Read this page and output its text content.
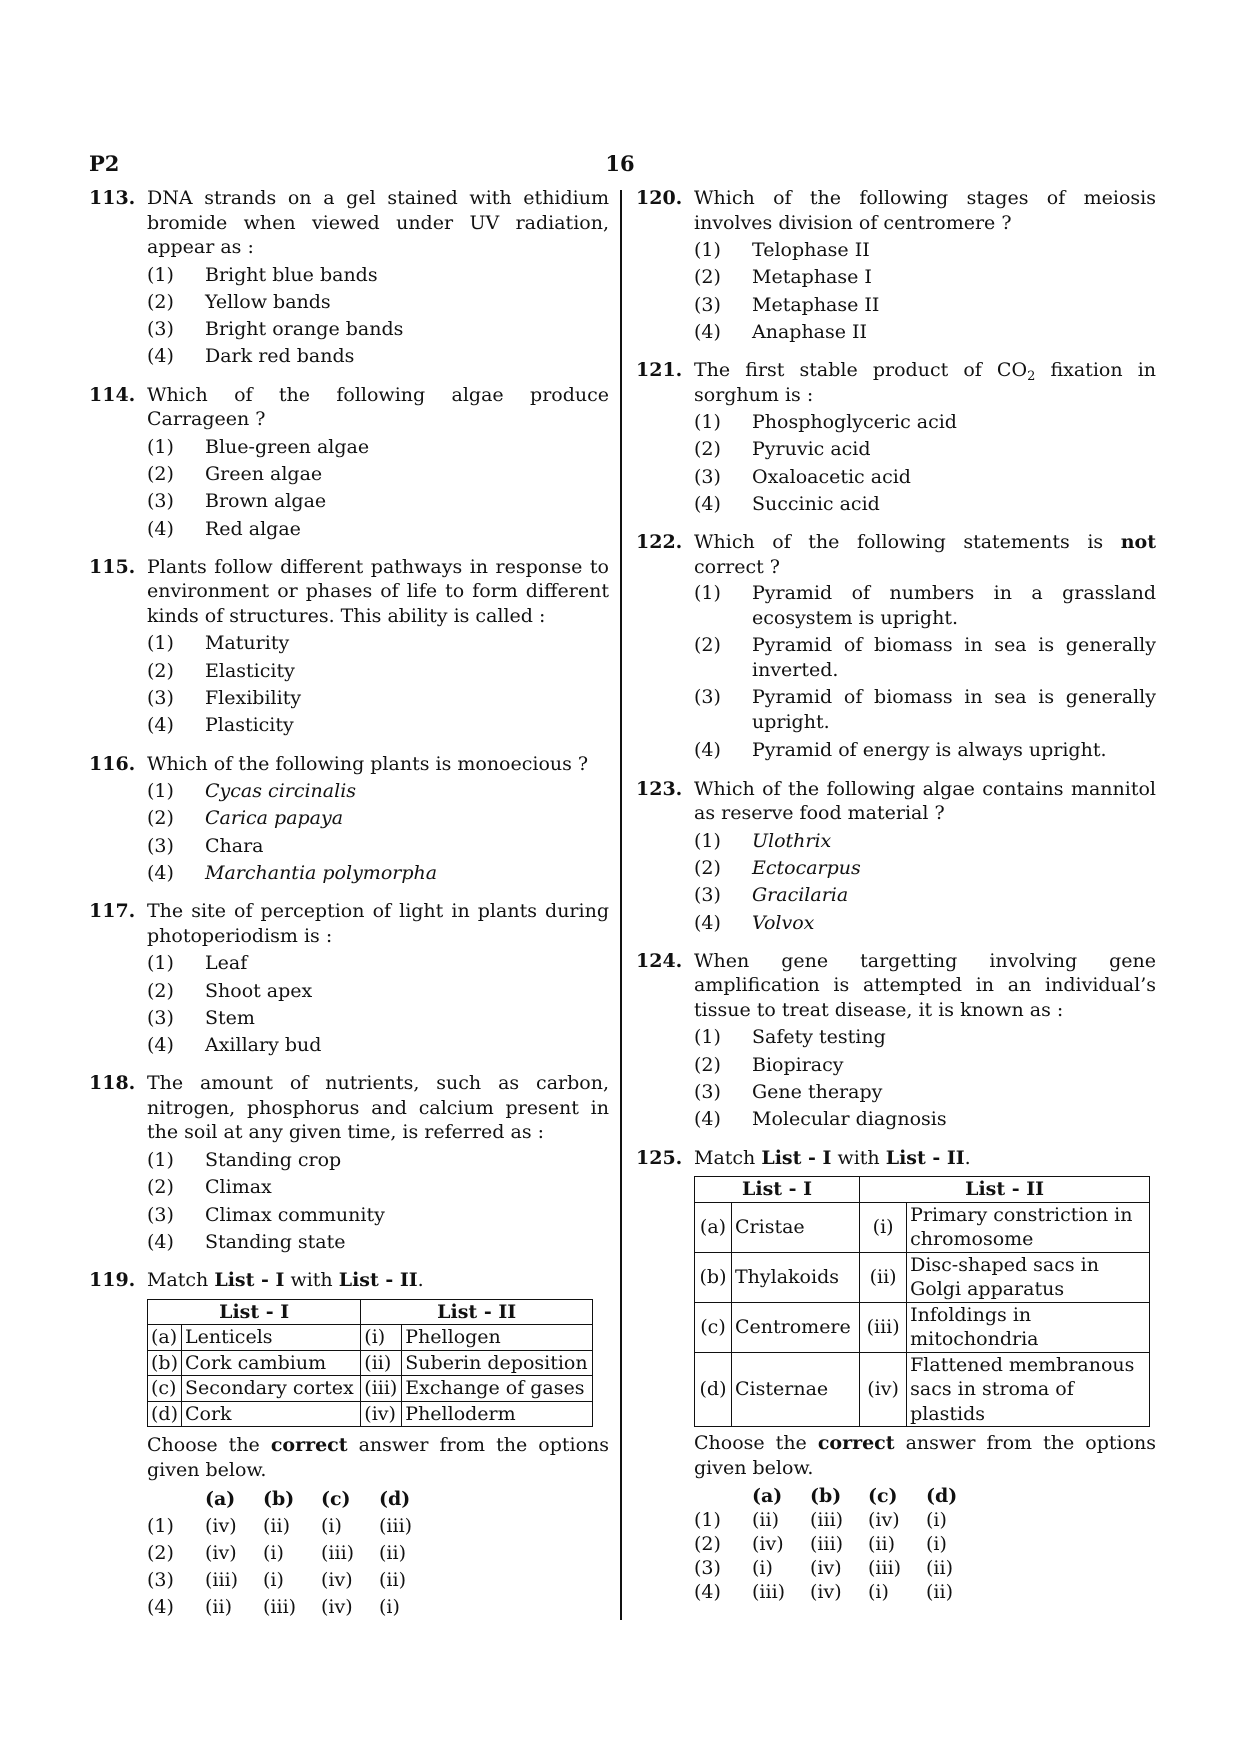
P2	16
113. DNA strands on a gel stained with ethidium bromide when viewed under UV radiation, appear as :
(1)	Bright blue bands
(2)	Yellow bands
(3)	Bright orange bands
(4)	Dark red bands
114. Which of the following algae produce Carrageen ?
(1)	Blue-green algae
(2)	Green algae
(3)	Brown algae
(4)	Red algae
115. Plants follow different pathways in response to environment or phases of life to form different kinds of structures. This ability is called :
(1)	Maturity
(2)	Elasticity
(3)	Flexibility
(4)	Plasticity
116. Which of the following plants is monoecious ?
(1)	Cycas circinalis
(2)	Carica papaya
(3)	Chara
(4)	Marchantia polymorpha
117. The site of perception of light in plants during photoperiodism is :
(1)	Leaf
(2)	Shoot apex
(3)	Stem
(4)	Axillary bud
118. The amount of nutrients, such as carbon, nitrogen, phosphorus and calcium present in the soil at any given time, is referred as :
(1)	Standing crop
(2)	Climax
(3)	Climax community
(4)	Standing state
119. Match List - I with List - II.
List - I		List - II	
(a)	Lenticels	(i)	Phellogen
(b)	Cork cambium	(ii)	Suberin deposition
(c)	Secondary cortex	(iii)	Exchange of gases
(d)	Cork	(iv)	Phelloderm
Choose the correct answer from the options given below.
(a)	(b)	(c)	(d)
(1)	(iv)	(ii)	(i)	(iii)
(2)	(iv)	(i)	(iii)	(ii)
(3)	(iii)	(i)	(iv)	(ii)
(4)	(ii)	(iii)	(iv)	(i)
120. Which of the following stages of meiosis involves division of centromere ?
(1)	Telophase II
(2)	Metaphase I
(3)	Metaphase II
(4)	Anaphase II
121. The first stable product of $CO_2$ fixation in sorghum is :
(1)	Phosphoglyceric acid
(2)	Pyruvic acid
(3)	Oxaloacetic acid
(4)	Succinic acid
122. Which of the following statements is not correct ?
(1)	Pyramid of numbers in a grassland ecosystem is upright.
(2)	Pyramid of biomass in sea is generally inverted.
(3)	Pyramid of biomass in sea is generally upright.
(4)	Pyramid of energy is always upright.
123. Which of the following algae contains mannitol as reserve food material ?
(1)	Ulothrix
(2)	Ectocarpus
(3)	Gracilaria
(4)	Volvox
124. When gene targetting involving gene amplification is attempted in an individual’s tissue to treat disease, it is known as :
(1)	Safety testing
(2)	Biopiracy
(3)	Gene therapy
(4)	Molecular diagnosis
125. Match List - I with List - II.
List - I		List - II	
(a)	Cristae	(i)	Primary constriction in chromosome
(b)	Thylakoids	(ii)	Disc-shaped sacs in Golgi apparatus
(c)	Centromere	(iii)	Infoldings in mitochondria
(d)	Cisternae	(iv)	Flattened membranous sacs in stroma of plastids
Choose the correct answer from the options given below.
(a)	(b)	(c)	(d)
(1)	(ii)	(iii)	(iv)	(i)
(2)	(iv)	(iii)	(ii)	(i)
(3)	(i)	(iv)	(iii)	(ii)
(4)	(iii)	(iv)	(i)	(ii)
